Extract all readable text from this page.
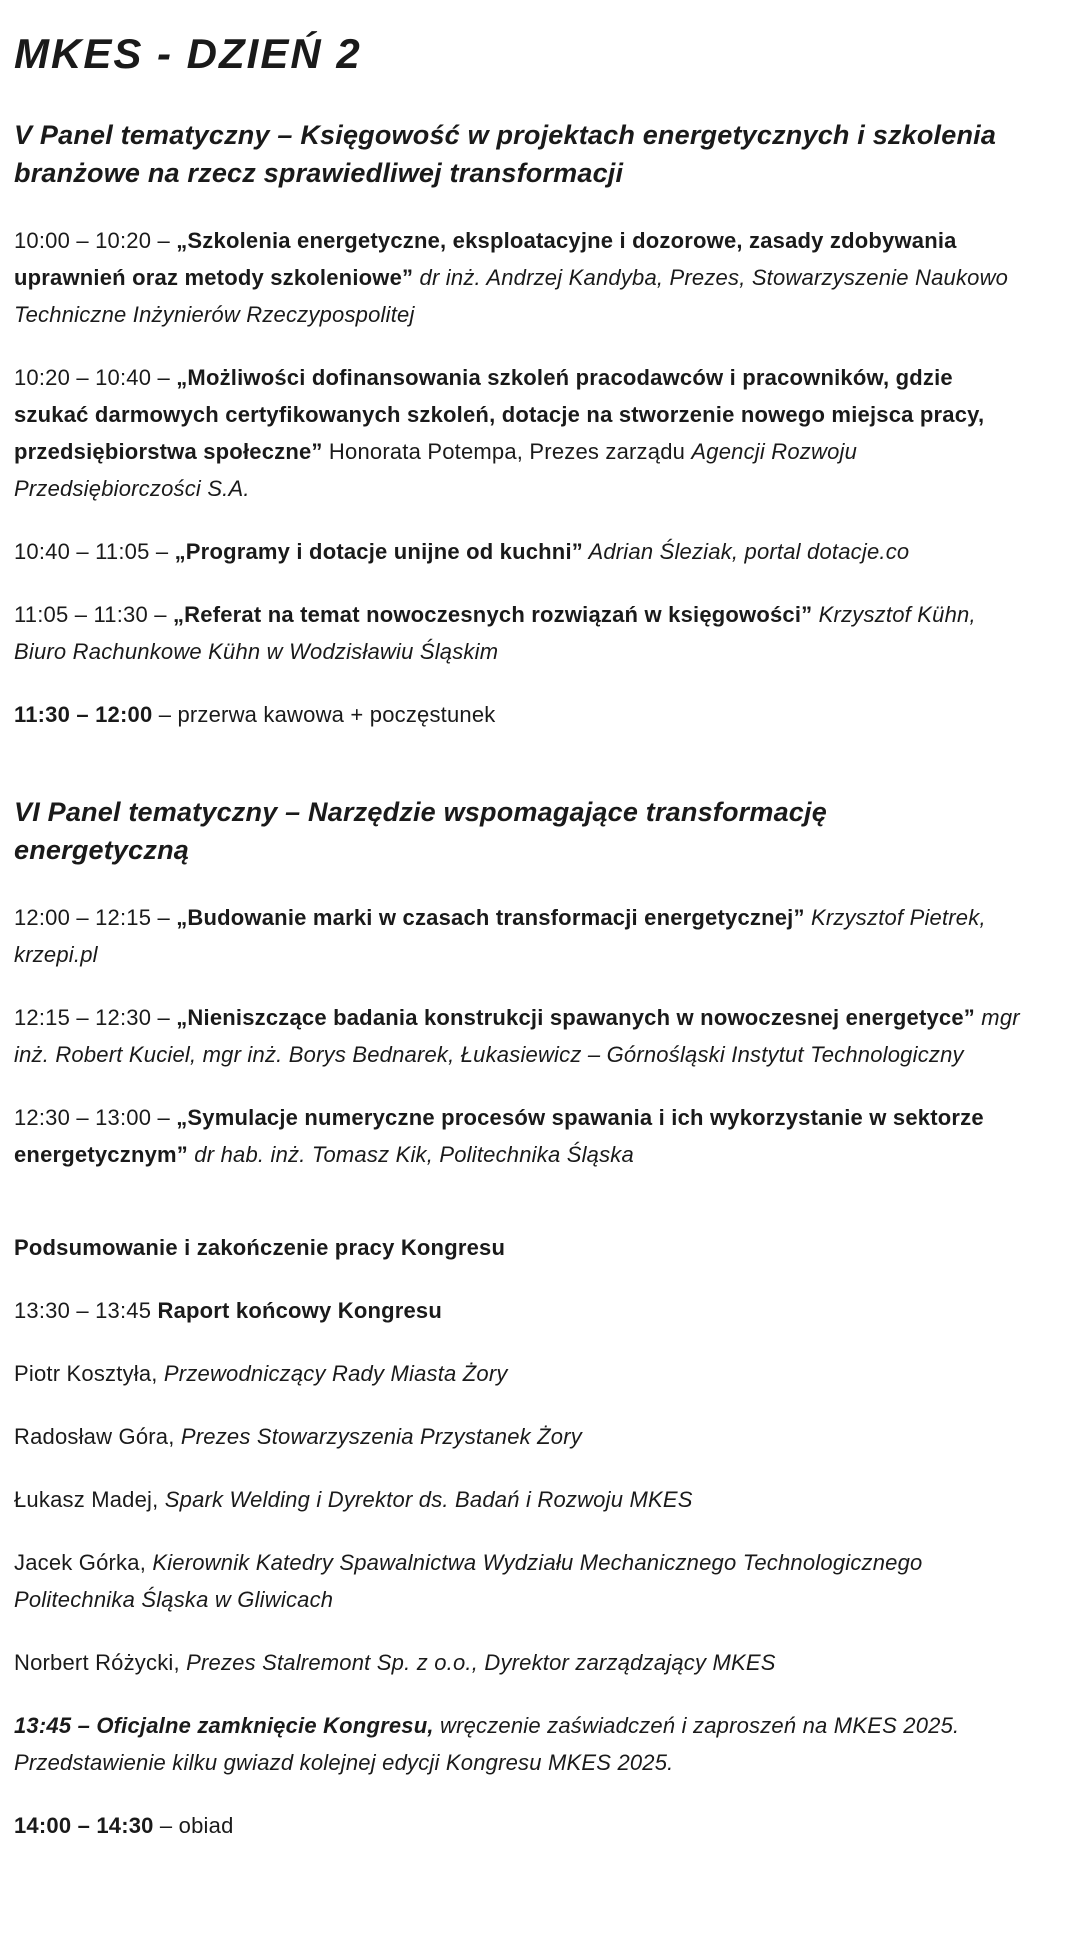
MKES - DZIEŃ 2
V Panel tematyczny – Księgowość w projektach energetycznych i szkolenia branżowe na rzecz sprawiedliwej transformacji

10:00 – 10:20 – „Szkolenia energetyczne, eksploatacyjne i dozorowe, zasady zdobywania uprawnień oraz metody szkoleniowe” dr inż. Andrzej Kandyba, Prezes, Stowarzyszenie Naukowo Techniczne Inżynierów Rzeczypospolitej

10:20 – 10:40 – „Możliwości dofinansowania szkoleń pracodawców i pracowników, gdzie szukać darmowych certyfikowanych szkoleń, dotacje na stworzenie nowego miejsca pracy, przedsiębiorstwa społeczne” Honorata Potempa, Prezes zarządu Agencji Rozwoju Przedsiębiorczości S.A.

10:40 – 11:05 – „Programy i dotacje unijne od kuchni” Adrian Śleziak, portal dotacje.co

11:05 – 11:30 – „Referat na temat nowoczesnych rozwiązań w księgowości” Krzysztof Kühn, Biuro Rachunkowe Kühn w Wodzisławiu Śląskim

11:30 – 12:00 – przerwa kawowa + poczęstunek

VI Panel tematyczny – Narzędzie wspomagające transformację energetyczną

12:00 – 12:15 – „Budowanie marki w czasach transformacji energetycznej” Krzysztof Pietrek, krzepi.pl

12:15 – 12:30 – „Nieniszczące badania konstrukcji spawanych w nowoczesnej energetyce” mgr inż. Robert Kuciel, mgr inż. Borys Bednarek, Łukasiewicz – Górnośląski Instytut Technologiczny

12:30 – 13:00 – „Symulacje numeryczne procesów spawania i ich wykorzystanie w sektorze energetycznym” dr hab. inż. Tomasz Kik, Politechnika Śląska

Podsumowanie i zakończenie pracy Kongresu

13:30 – 13:45 Raport końcowy Kongresu

Piotr Kosztyła, Przewodniczący Rady Miasta Żory

Radosław Góra, Prezes Stowarzyszenia Przystanek Żory

Łukasz Madej, Spark Welding i Dyrektor ds. Badań i Rozwoju MKES

Jacek Górka, Kierownik Katedry Spawalnictwa Wydziału Mechanicznego Technologicznego Politechnika Śląska w Gliwicach

Norbert Różycki, Prezes Stalremont Sp. z o.o., Dyrektor zarządzający MKES

13:45 – Oficjalne zamknięcie Kongresu, wręczenie zaświadczeń i zaproszeń na MKES 2025. Przedstawienie kilku gwiazd kolejnej edycji Kongresu MKES 2025.

14:00 – 14:30 – obiad
